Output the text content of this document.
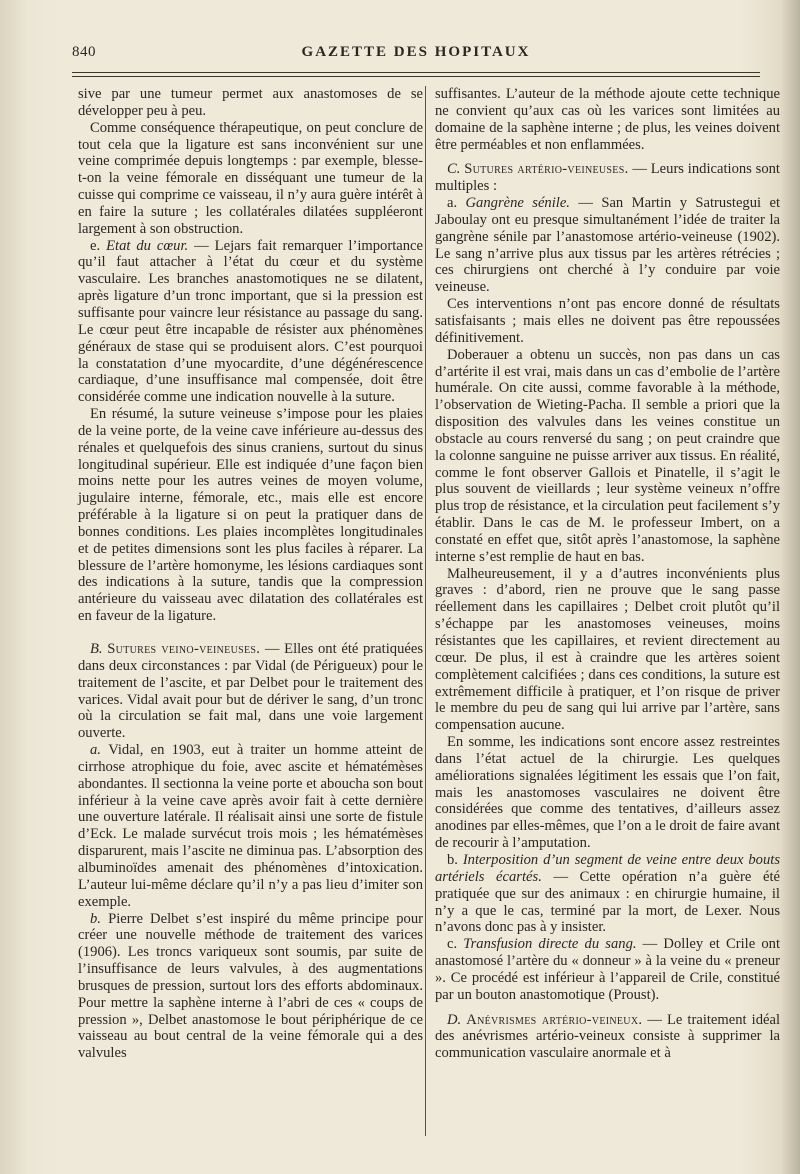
840	GAZETTE DES HOPITAUX

sive par une tumeur permet aux anastomoses de se développer peu à peu.

Comme conséquence thérapeutique, on peut conclure de tout cela que la ligature est sans inconvénient sur une veine comprimée depuis longtemps : par exemple, blesse-t-on la veine fémorale en disséquant une tumeur de la cuisse qui comprime ce vaisseau, il n’y aura guère intérêt à en faire la suture ; les collatérales dilatées suppléeront largement à son obstruction.

e. Etat du cœur. — Lejars fait remarquer l’importance qu’il faut attacher à l’état du cœur et du système vasculaire. Les branches anastomotiques ne se dilatent, après ligature d’un tronc important, que si la pression est suffisante pour vaincre leur résistance au passage du sang. Le cœur peut être incapable de résister aux phénomènes généraux de stase qui se produisent alors. C’est pourquoi la constatation d’une myocardite, d’une dégénérescence cardiaque, d’une insuffisance mal compensée, doit être considérée comme une indication nouvelle à la suture.

En résumé, la suture veineuse s’impose pour les plaies de la veine porte, de la veine cave inférieure au-dessus des rénales et quelquefois des sinus craniens, surtout du sinus longitudinal supérieur. Elle est indiquée d’une façon bien moins nette pour les autres veines de moyen volume, jugulaire interne, fémorale, etc., mais elle est encore préférable à la ligature si on peut la pratiquer dans de bonnes conditions. Les plaies incomplètes longitudinales et de petites dimensions sont les plus faciles à réparer. La blessure de l’artère homonyme, les lésions cardiaques sont des indications à la suture, tandis que la compression antérieure du vaisseau avec dilatation des collatérales est en faveur de la ligature.

B. Sutures veino-veineuses. — Elles ont été pratiquées dans deux circonstances : par Vidal (de Périgueux) pour le traitement de l’ascite, et par Delbet pour le traitement des varices. Vidal avait pour but de dériver le sang, d’un tronc où la circulation se fait mal, dans une voie largement ouverte.

a. Vidal, en 1903, eut à traiter un homme atteint de cirrhose atrophique du foie, avec ascite et hématémèses abondantes. Il sectionna la veine porte et abouchа son bout inférieur à la veine cave après avoir fait à cette dernière une ouverture latérale. Il réalisait ainsi une sorte de fistule d’Eck. Le malade survécut trois mois ; les hématémèses disparurent, mais l’ascite ne diminua pas. L’absorption des albuminoïdes amenait des phénomènes d’intoxication. L’auteur lui-même déclare qu’il n’y a pas lieu d’imiter son exemple.

b. Pierre Delbet s’est inspiré du même principe pour créer une nouvelle méthode de traitement des varices (1906). Les troncs variqueux sont soumis, par suite de l’insuffisance de leurs valvules, à des augmentations brusques de pression, surtout lors des efforts abdominaux. Pour mettre la saphène interne à l’abri de ces « coups de pression », Delbet anastomose le bout périphérique de ce vaisseau au bout central de la veine fémorale qui a des valvules

suffisantes. L’auteur de la méthode ajoute cette technique ne convient qu’aux cas où les varices sont limitées au domaine de la saphène interne ; de plus, les veines doivent être perméables et non enflammées.

C. Sutures artério-veineuses. — Leurs indications sont multiples :

a. Gangrène sénile. — San Martin y Satrustegui et Jaboulay ont eu presque simultanément l’idée de traiter la gangrène sénile par l’anastomose artério-veineuse (1902). Le sang n’arrive plus aux tissus par les artères rétrécies ; ces chirurgiens ont cherché à l’y conduire par voie veineuse.

Ces interventions n’ont pas encore donné de résultats satisfaisants ; mais elles ne doivent pas être repoussées définitivement.

Doberauer a obtenu un succès, non pas dans un cas d’artérite il est vrai, mais dans un cas d’embolie de l’artère humérale. On cite aussi, comme favorable à la méthode, l’observation de Wieting-Pacha. Il semble a priori que la disposition des valvules dans les veines constitue un obstacle au cours renversé du sang ; on peut craindre que la colonne sanguine ne puisse arriver aux tissus. En réalité, comme le font observer Gallois et Pinatelle, il s’agit le plus souvent de vieillards ; leur système veineux n’offre plus trop de résistance, et la circulation peut facilement s’y établir. Dans le cas de M. le professeur Imbert, on a constaté en effet que, sitôt après l’anastomose, la saphène interne s’est remplie de haut en bas.

Malheureusement, il y a d’autres inconvénients plus graves : d’abord, rien ne prouve que le sang passe réellement dans les capillaires ; Delbet croit plutôt qu’il s’échappe par les anastomoses veineuses, moins résistantes que les capillaires, et revient directement au cœur. De plus, il est à craindre que les artères soient complètement calcifiées ; dans ces conditions, la suture est extrêmement difficile à pratiquer, et l’on risque de priver le membre du peu de sang qui lui arrive par l’artère, sans compensation aucune.

En somme, les indications sont encore assez restreintes dans l’état actuel de la chirurgie. Les quelques améliorations signalées légitiment les essais que l’on fait, mais les anastomoses vasculaires ne doivent être considérées que comme des tentatives, d’ailleurs assez anodines par elles-mêmes, que l’on a le droit de faire avant de recourir à l’amputation.

b. Interposition d’un segment de veine entre deux bouts artériels écartés. — Cette opération n’a guère été pratiquée que sur des animaux : en chirurgie humaine, il n’y a que le cas, terminé par la mort, de Lexer. Nous n’avons donc pas à y insister.

c. Transfusion directe du sang. — Dolley et Crile ont anastomosé l’artère du « donneur » à la veine du « preneur ». Ce procédé est inférieur à l’appareil de Crile, constitué par un bouton anastomotique (Proust).

D. Anévrismes artério-veineux. — Le traitement idéal des anévrismes artério-veineux consiste à supprimer la communication vasculaire anormale et à
